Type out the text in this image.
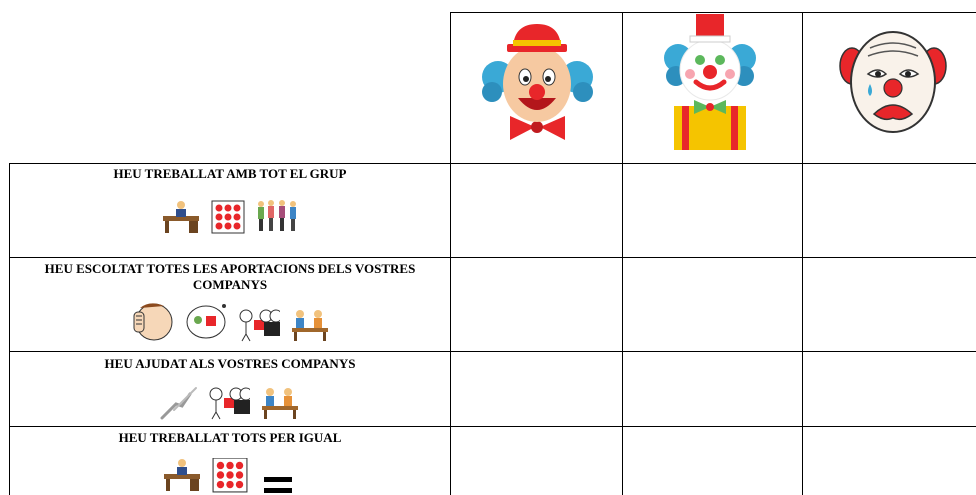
HEU TREBALLAT AMB TOT EL GRUP
HEU ESCOLTAT TOTES LES APORTACIONS DELS VOSTRES COMPANYS
HEU AJUDAT ALS VOSTRES COMPANYS
HEU TREBALLAT TOTS PER IGUAL
